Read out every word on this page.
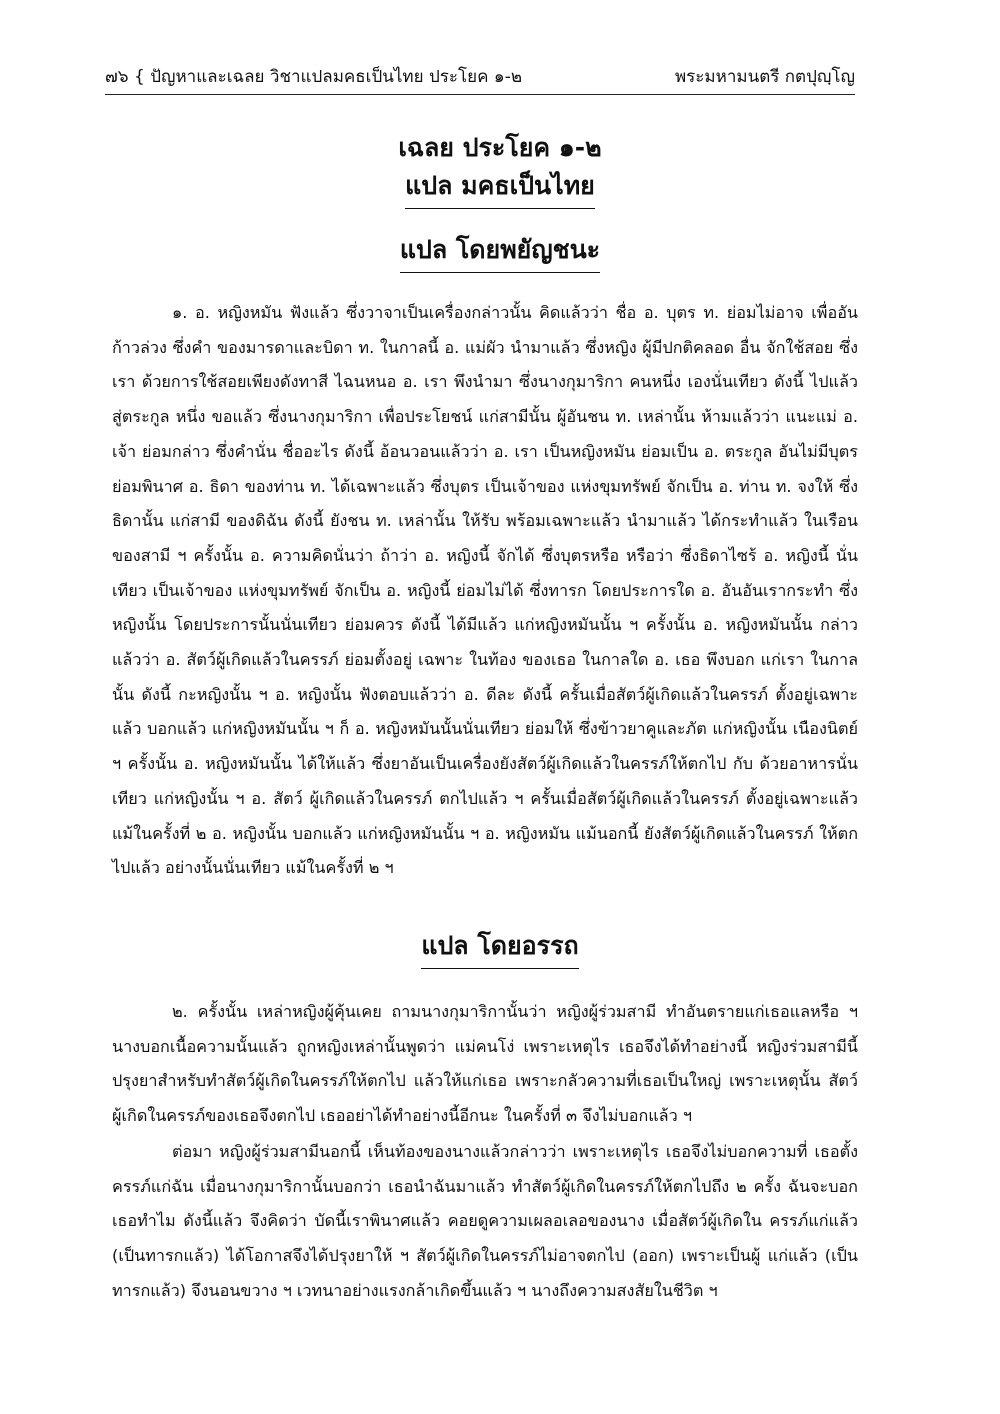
๗๖ { ปัญหาและเฉลย วิชาแปลมคธเป็นไทย ประโยค ๑-๒	พระมหามนตรี กตปุญฺโญ
เฉลย ประโยค ๑-๒
แปล มคธเป็นไทย
แปล โดยพยัญชนะ

๑. อ. หญิงหมัน ฟังแล้ว ซึ่งวาจาเป็นเครื่องกล่าวนั้น คิดแล้วว่า ชื่อ อ. บุตร ท. ย่อมไม่อาจ เพื่ออันก้าวล่วง ซึ่งคำ ของมารดาและบิดา ท. ในกาลนี้ อ. แม่ผัว นำมาแล้ว ซึ่งหญิง ผู้มีปกติคลอด อื่น จักใช้สอย ซึ่งเรา ด้วยการใช้สอยเพียงดังทาสี ไฉนหนอ อ. เรา พึงนำมา ซึ่งนางกุมาริกา คนหนึ่ง เองนั่นเทียว ดังนี้ ไปแล้ว สู่ตระกูล หนึ่ง ขอแล้ว ซึ่งนางกุมาริกา เพื่อประโยชน์ แก่สามีนั้น ผู้อันชน ท. เหล่านั้น ห้ามแล้วว่า แนะแม่ อ. เจ้า ย่อมกล่าว ซึ่งคำนั่น ชื่ออะไร ดังนี้ อ้อนวอนแล้วว่า อ. เรา เป็นหญิงหมัน ย่อมเป็น อ. ตระกูล อันไม่มีบุตร ย่อมพินาศ อ. ธิดา ของท่าน ท. ได้เฉพาะแล้ว ซึ่งบุตร เป็นเจ้าของ แห่งขุมทรัพย์ จักเป็น อ. ท่าน ท. จงให้ ซึ่งธิดานั้น แก่สามี ของดิฉัน ดังนี้ ยังชน ท. เหล่านั้น ให้รับ พร้อมเฉพาะแล้ว นำมาแล้ว ได้กระทำแล้ว ในเรือน ของสามี ฯ ครั้งนั้น อ. ความคิดนั่นว่า ถ้าว่า อ. หญิงนี้ จักได้ ซึ่งบุตรหรือ หรือว่า ซึ่งธิดาไซร้ อ. หญิงนี้ นั่นเทียว เป็นเจ้าของ แห่งขุมทรัพย์ จักเป็น อ. หญิงนี้ ย่อมไม่ได้ ซึ่งทารก โดยประการใด อ. อันอันเรากระทำ ซึ่งหญิงนั้น โดยประการนั้นนั่นเทียว ย่อมควร ดังนี้ ได้มีแล้ว แก่หญิงหมันนั้น ฯ ครั้งนั้น อ. หญิงหมันนั้น กล่าวแล้วว่า อ. สัตว์ผู้เกิดแล้วในครรภ์ ย่อมตั้งอยู่ เฉพาะ ในท้อง ของเธอ ในกาลใด อ. เธอ พึงบอก แก่เรา ในกาลนั้น ดังนี้ กะหญิงนั้น ฯ อ. หญิงนั้น ฟังตอบแล้วว่า อ. ดีละ ดังนี้ ครั้นเมื่อสัตว์ผู้เกิดแล้วในครรภ์ ตั้งอยู่เฉพาะแล้ว บอกแล้ว แก่หญิงหมันนั้น ฯ ก็ อ. หญิงหมันนั้นนั่นเทียว ย่อมให้ ซึ่งข้าวยาคูและภัต แก่หญิงนั้น เนืองนิตย์ ฯ ครั้งนั้น อ. หญิงหมันนั้น ได้ให้แล้ว ซึ่งยาอันเป็นเครื่องยังสัตว์ผู้เกิดแล้วในครรภ์ให้ตกไป กับ ด้วยอาหารนั่นเทียว แก่หญิงนั้น ฯ อ. สัตว์ ผู้เกิดแล้วในครรภ์ ตกไปแล้ว ฯ ครั้นเมื่อสัตว์ผู้เกิดแล้วในครรภ์ ตั้งอยู่เฉพาะแล้ว แม้ในครั้งที่ ๒ อ. หญิงนั้น บอกแล้ว แก่หญิงหมันนั้น ฯ อ. หญิงหมัน แม้นอกนี้ ยังสัตว์ผู้เกิดแล้วในครรภ์ ให้ตกไปแล้ว อย่างนั้นนั่นเทียว แม้ในครั้งที่ ๒ ฯ

แปล โดยอรรถ

๒. ครั้งนั้น เหล่าหญิงผู้คุ้นเคย ถามนางกุมาริกานั้นว่า หญิงผู้ร่วมสามี ทำอันตรายแก่เธอแลหรือ ฯ นางบอกเนื้อความนั้นแล้ว ถูกหญิงเหล่านั้นพูดว่า แม่คนโง่ เพราะเหตุไร เธอจึงได้ทำอย่างนี้ หญิงร่วมสามีนี้ ปรุงยาสำหรับทำสัตว์ผู้เกิดในครรภ์ให้ตกไป แล้วให้แก่เธอ เพราะกลัวความที่เธอเป็นใหญ่ เพราะเหตุนั้น สัตว์ ผู้เกิดในครรภ์ของเธอจึงตกไป เธออย่าได้ทำอย่างนี้อีกนะ ในครั้งที่ ๓ จึงไม่บอกแล้ว ฯ

ต่อมา หญิงผู้ร่วมสามีนอกนี้ เห็นท้องของนางแล้วกล่าวว่า เพราะเหตุไร เธอจึงไม่บอกความที่ เธอตั้งครรภ์แก่ฉัน เมื่อนางกุมาริกานั้นบอกว่า เธอนำฉันมาแล้ว ทำสัตว์ผู้เกิดในครรภ์ให้ตกไปถึง ๒ ครั้ง ฉันจะบอกเธอทำไม ดังนี้แล้ว จึงคิดว่า บัดนี้เราพินาศแล้ว คอยดูความเผลอเลอของนาง เมื่อสัตว์ผู้เกิดใน ครรภ์แก่แล้ว (เป็นทารกแล้ว) ได้โอกาสจึงได้ปรุงยาให้ ฯ สัตว์ผู้เกิดในครรภ์ไม่อาจตกไป (ออก) เพราะเป็นผู้ แก่แล้ว (เป็นทารกแล้ว) จึงนอนขวาง ฯ เวทนาอย่างแรงกล้าเกิดขึ้นแล้ว ฯ นางถึงความสงสัยในชีวิต ฯ
